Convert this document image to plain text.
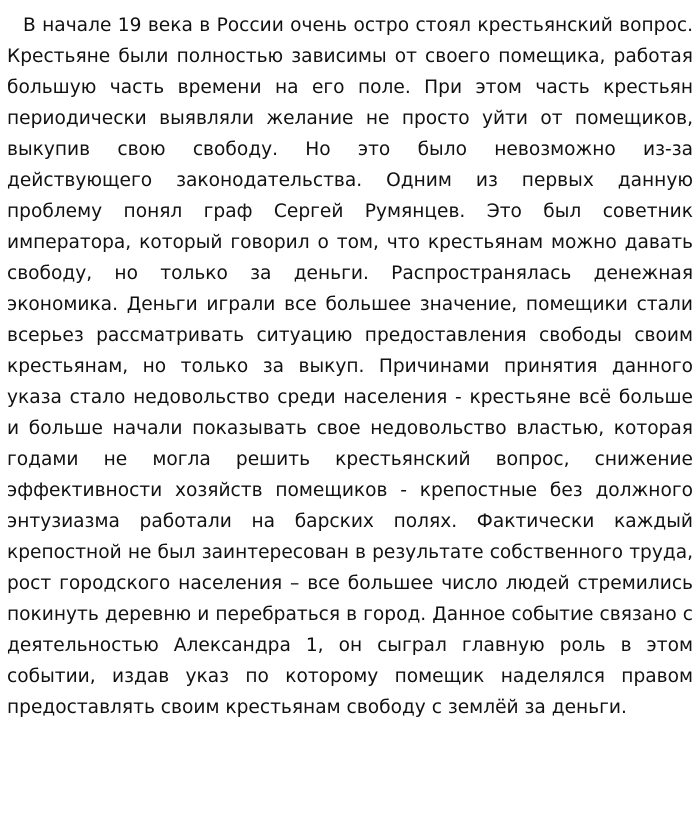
В начале 19 века в России очень остро стоял крестьянский вопрос. Крестьяне были полностью зависимы от своего помещика, работая большую часть времени на его поле. При этом часть крестьян периодически выявляли желание не просто уйти от помещиков, выкупив свою свободу. Но это было невозможно из-за действующего законодательства. Одним из первых данную проблему понял граф Сергей Румянцев. Это был советник императора, который говорил о том, что крестьянам можно давать свободу, но только за деньги. Распространялась денежная экономика. Деньги играли все большее значение, помещики стали всерьез рассматривать ситуацию предоставления свободы своим крестьянам, но только за выкуп. Причинами принятия данного указа стало недовольство среди населения - крестьяне всё больше и больше начали показывать свое недовольство властью, которая годами не могла решить крестьянский вопрос, снижение эффективности хозяйств помещиков - крепостные без должного энтузиазма работали на барских полях. Фактически каждый крепостной не был заинтересован в результате собственного труда, рост городского населения – все большее число людей стремились покинуть деревню и перебраться в город. Данное событие связано с деятельностью Александра 1, он сыграл главную роль в этом событии, издав указ по которому помещик наделялся правом предоставлять своим крестьянам свободу с землёй за деньги.
